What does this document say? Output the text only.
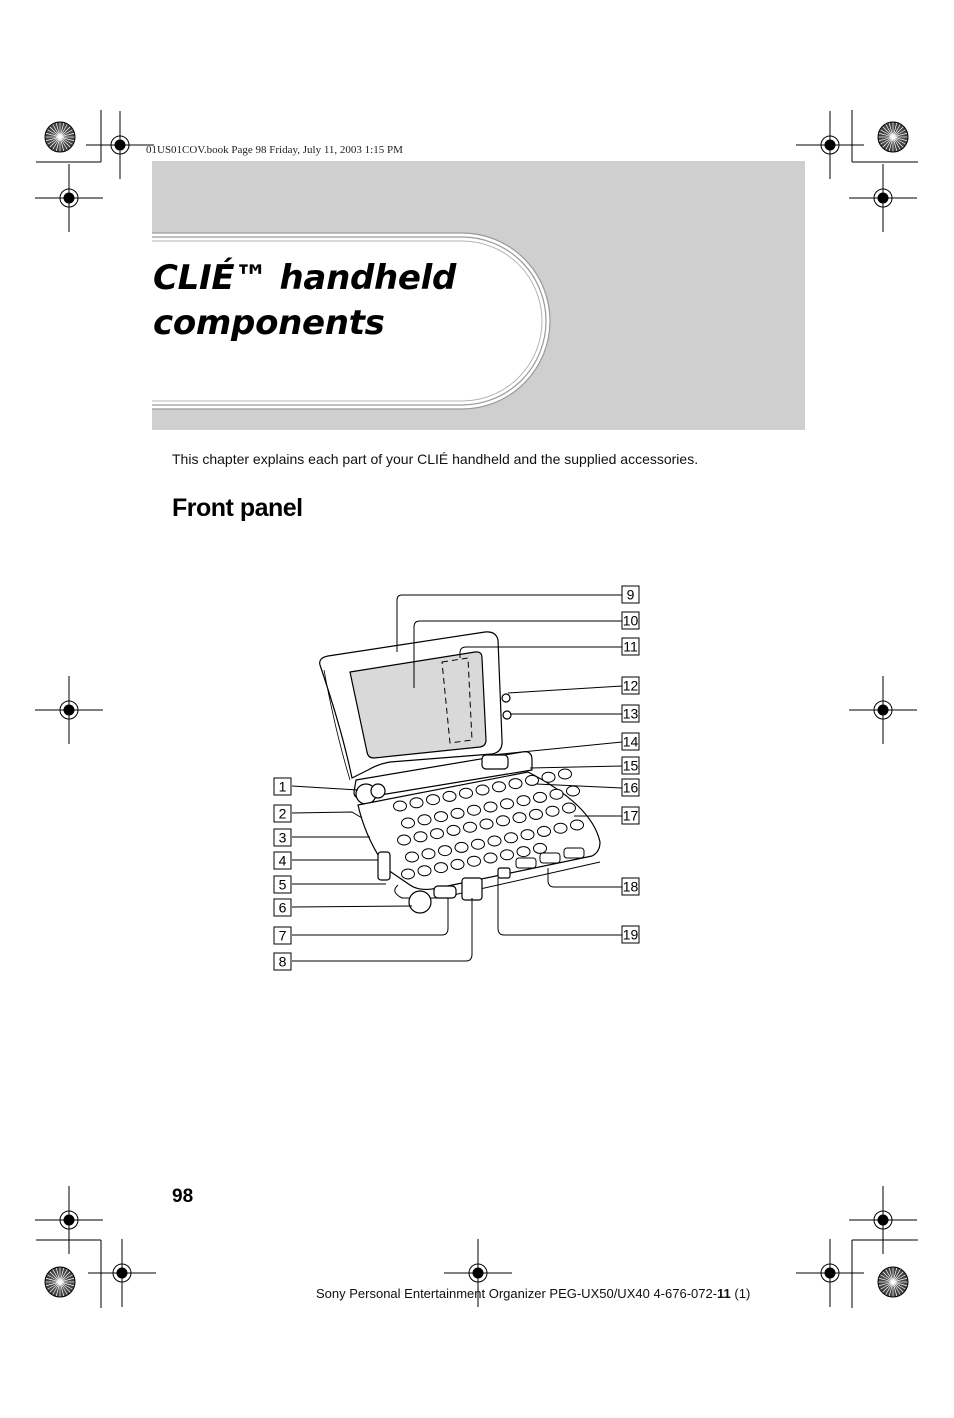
01US01COV.book Page 98 Friday, July 11, 2003 1:15 PM
CLIÉ™ handheld
components
This chapter explains each part of your CLIÉ handheld and the supplied accessories.
Front panel
1
2
3
4
5
6
7
8
9
10
11
12
13
14
15
16
17
18
19
98
Sony Personal Entertainment Organizer PEG-UX50/UX40 4-676-072-11 (1)
